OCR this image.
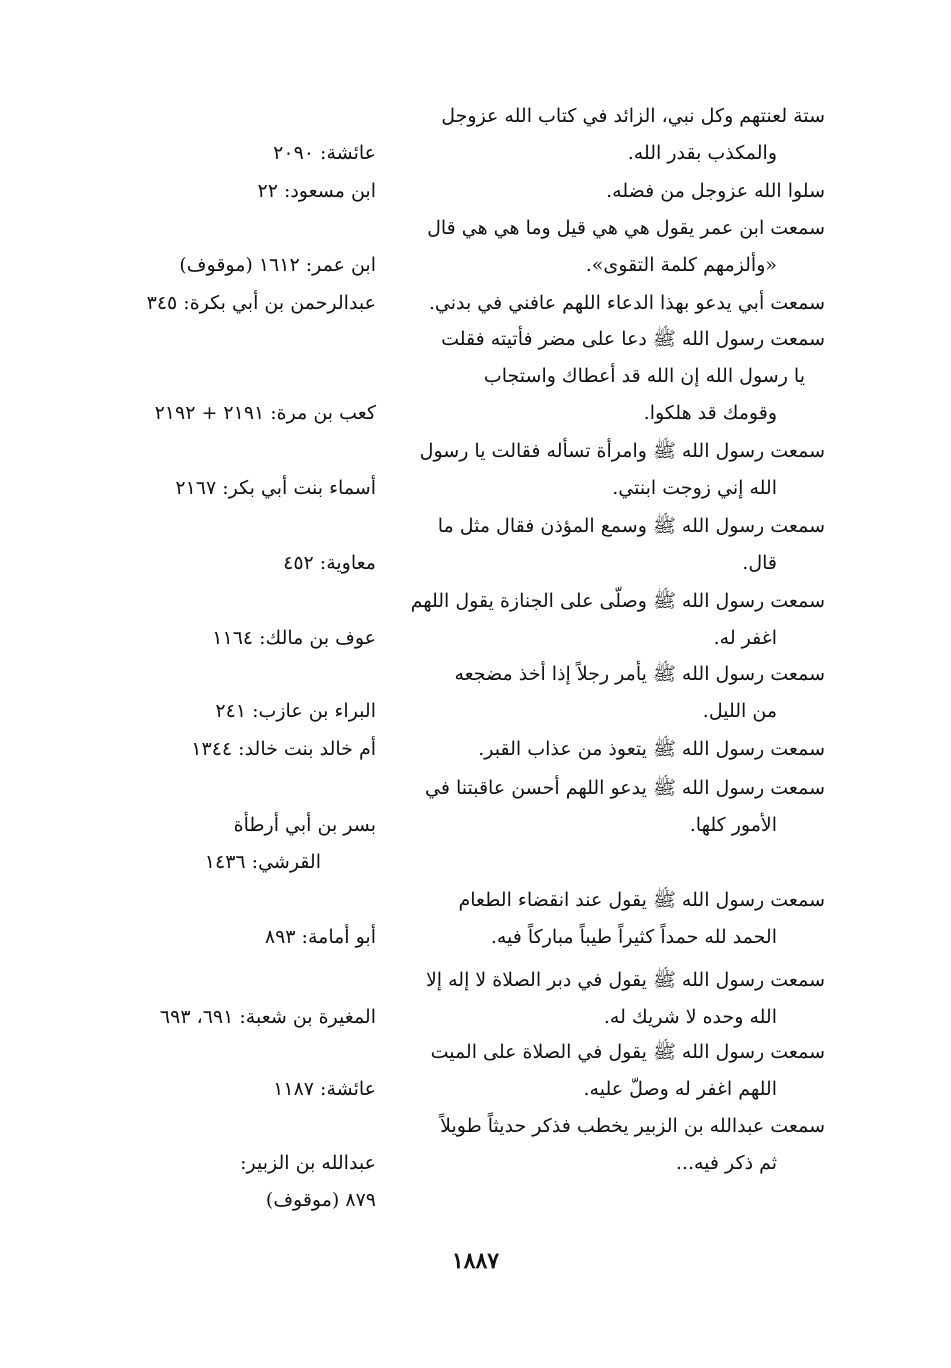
ستة لعنتهم وكل نبي، الزائد في كتاب الله عزوجل
والمكذب بقدر الله.
عائشة: ٢٠٩٠
سلوا الله عزوجل من فضله.
ابن مسعود: ٢٢
سمعت ابن عمر يقول هي هي قيل وما هي هي قال
«وألزمهم كلمة التقوى».
ابن عمر: ١٦١٢ (موقوف)
سمعت أبي يدعو بهذا الدعاء اللهم عافني في بدني.
عبدالرحمن بن أبي بكرة: ٣٤٥
سمعت رسول الله ﷺ دعا على مضر فأتيته فقلت
يا رسول الله إن الله قد أعطاك واستجاب
وقومك قد هلكوا.
كعب بن مرة: ٢١٩١ + ٢١٩٢
سمعت رسول الله ﷺ وامرأة تسأله فقالت يا رسول
الله إني زوجت ابنتي.
أسماء بنت أبي بكر: ٢١٦٧
سمعت رسول الله ﷺ وسمع المؤذن فقال مثل ما
قال.
معاوية: ٤٥٢
سمعت رسول الله ﷺ وصلّى على الجنازة يقول اللهم
اغفر له.
عوف بن مالك: ١١٦٤
سمعت رسول الله ﷺ يأمر رجلاً إذا أخذ مضجعه
من الليل.
البراء بن عازب: ٢٤١
سمعت رسول الله ﷺ يتعوذ من عذاب القبر.
أم خالد بنت خالد: ١٣٤٤
سمعت رسول الله ﷺ يدعو اللهم أحسن عاقبتنا في
الأمور كلها.
بسر بن أبي أرطأة
القرشي: ١٤٣٦
سمعت رسول الله ﷺ يقول عند انقضاء الطعام
الحمد لله حمداً كثيراً طيباً مباركاً فيه.
أبو أمامة: ٨٩٣
سمعت رسول الله ﷺ يقول في دبر الصلاة لا إله إلا
الله وحده لا شريك له.
المغيرة بن شعبة: ٦٩١، ٦٩٣
سمعت رسول الله ﷺ يقول في الصلاة على الميت
اللهم اغفر له وصلّ عليه.
عائشة: ١١٨٧
سمعت عبدالله بن الزبير يخطب فذكر حديثاً طويلاً
ثم ذكر فيه...
عبدالله بن الزبير:
٨٧٩ (موقوف)
١٨٨٧
